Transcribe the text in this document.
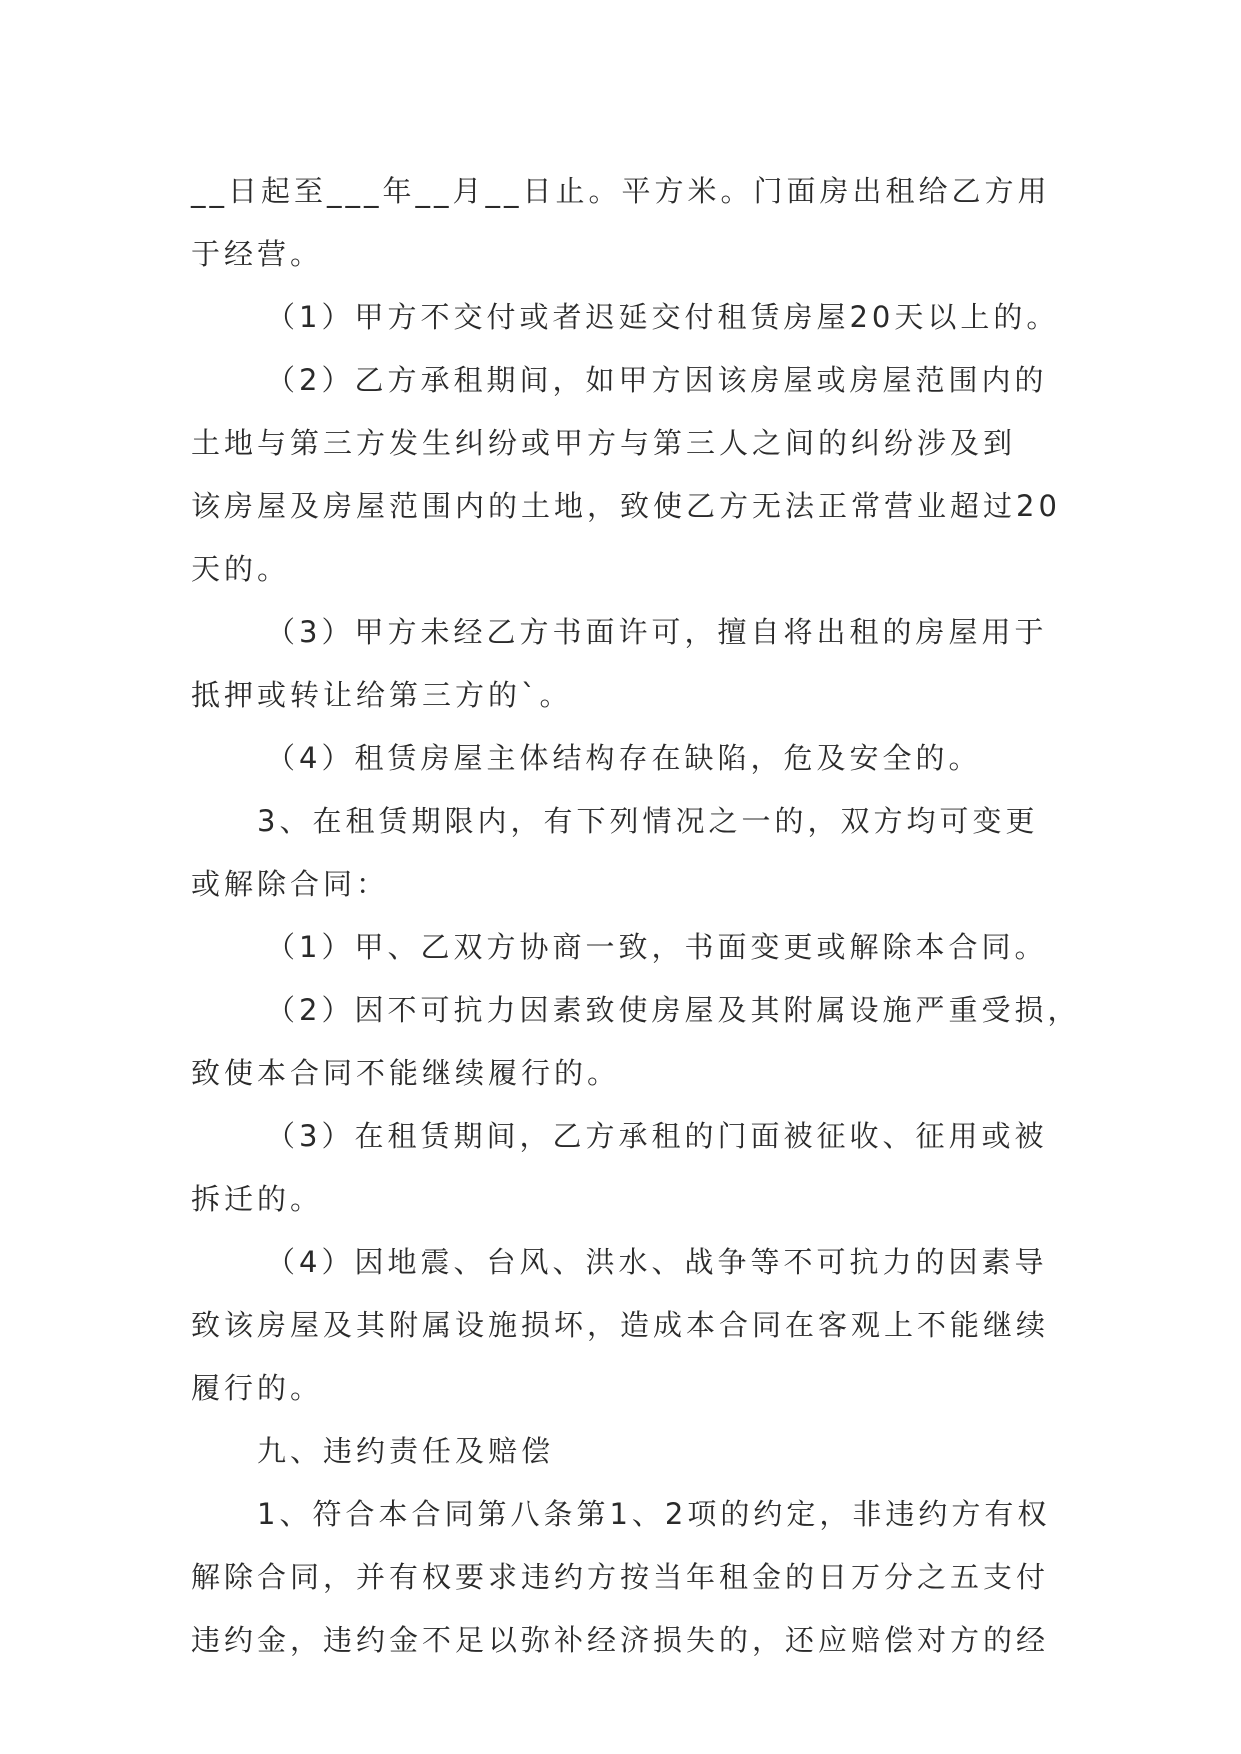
__日起至___年__月__日止。平方米。门面房出租给乙方用
于经营。
（1）甲方不交付或者迟延交付租赁房屋20天以上的。
（2）乙方承租期间，如甲方因该房屋或房屋范围内的
土地与第三方发生纠纷或甲方与第三人之间的纠纷涉及到
该房屋及房屋范围内的土地，致使乙方无法正常营业超过20
天的。
（3）甲方未经乙方书面许可，擅自将出租的房屋用于
抵押或转让给第三方的`。
（4）租赁房屋主体结构存在缺陷，危及安全的。
3、在租赁期限内，有下列情况之一的，双方均可变更
或解除合同：
（1）甲、乙双方协商一致，书面变更或解除本合同。
（2）因不可抗力因素致使房屋及其附属设施严重受损，
致使本合同不能继续履行的。
（3）在租赁期间，乙方承租的门面被征收、征用或被
拆迁的。
（4）因地震、台风、洪水、战争等不可抗力的因素导
致该房屋及其附属设施损坏，造成本合同在客观上不能继续
履行的。
九、违约责任及赔偿
1、符合本合同第八条第1、2项的约定，非违约方有权
解除合同，并有权要求违约方按当年租金的日万分之五支付
违约金，违约金不足以弥补经济损失的，还应赔偿对方的经
